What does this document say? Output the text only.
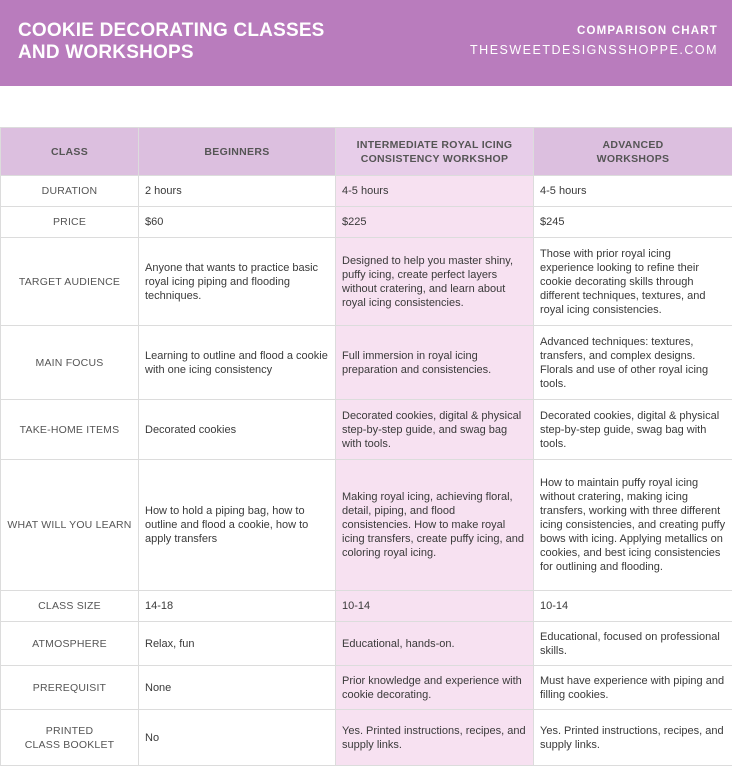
COOKIE DECORATING CLASSES
AND WORKSHOPS
COMPARISON CHART
THESWEETDESIGNSSHOPPE.COM
CLASS	BEGINNERS	INTERMEDIATE ROYAL ICING CONSISTENCY WORKSHOP	ADVANCED WORKSHOPS
DURATION	2 hours	4-5 hours	4-5 hours
PRICE	$60	$225	$245
TARGET AUDIENCE	Anyone that wants to practice basic royal icing piping and flooding techniques.	Designed to help you master shiny, puffy icing, create perfect layers without cratering, and learn about royal icing consistencies.	Those with prior royal icing experience looking to refine their cookie decorating skills through different techniques, textures, and royal icing consistencies.
MAIN FOCUS	Learning to outline and flood a cookie with one icing consistency	Full immersion in royal icing preparation and consistencies.	Advanced techniques: textures, transfers, and complex designs. Florals and use of other royal icing tools.
TAKE-HOME ITEMS	Decorated cookies	Decorated cookies, digital & physical step-by-step guide, and swag bag with tools.	Decorated cookies, digital & physical step-by-step guide, swag bag with tools.
WHAT WILL YOU LEARN	How to hold a piping bag, how to outline and flood a cookie, how to apply transfers	Making royal icing, achieving floral, detail, piping, and flood consistencies. How to make royal icing transfers, create puffy icing, and coloring royal icing.	How to maintain puffy royal icing without cratering, making icing transfers, working with three different icing consistencies, and creating puffy bows with icing. Applying metallics on cookies, and best icing consistencies for outlining and flooding.
CLASS SIZE	14-18	10-14	10-14
ATMOSPHERE	Relax, fun	Educational, hands-on.	Educational, focused on professional skills.
PREREQUISIT	None	Prior knowledge and experience with cookie decorating.	Must have experience with piping and filling cookies.

PRINTED
CLASS BOOKLET	No	Yes. Printed instructions, recipes, and supply links.	Yes. Printed instructions, recipes, and supply links.
